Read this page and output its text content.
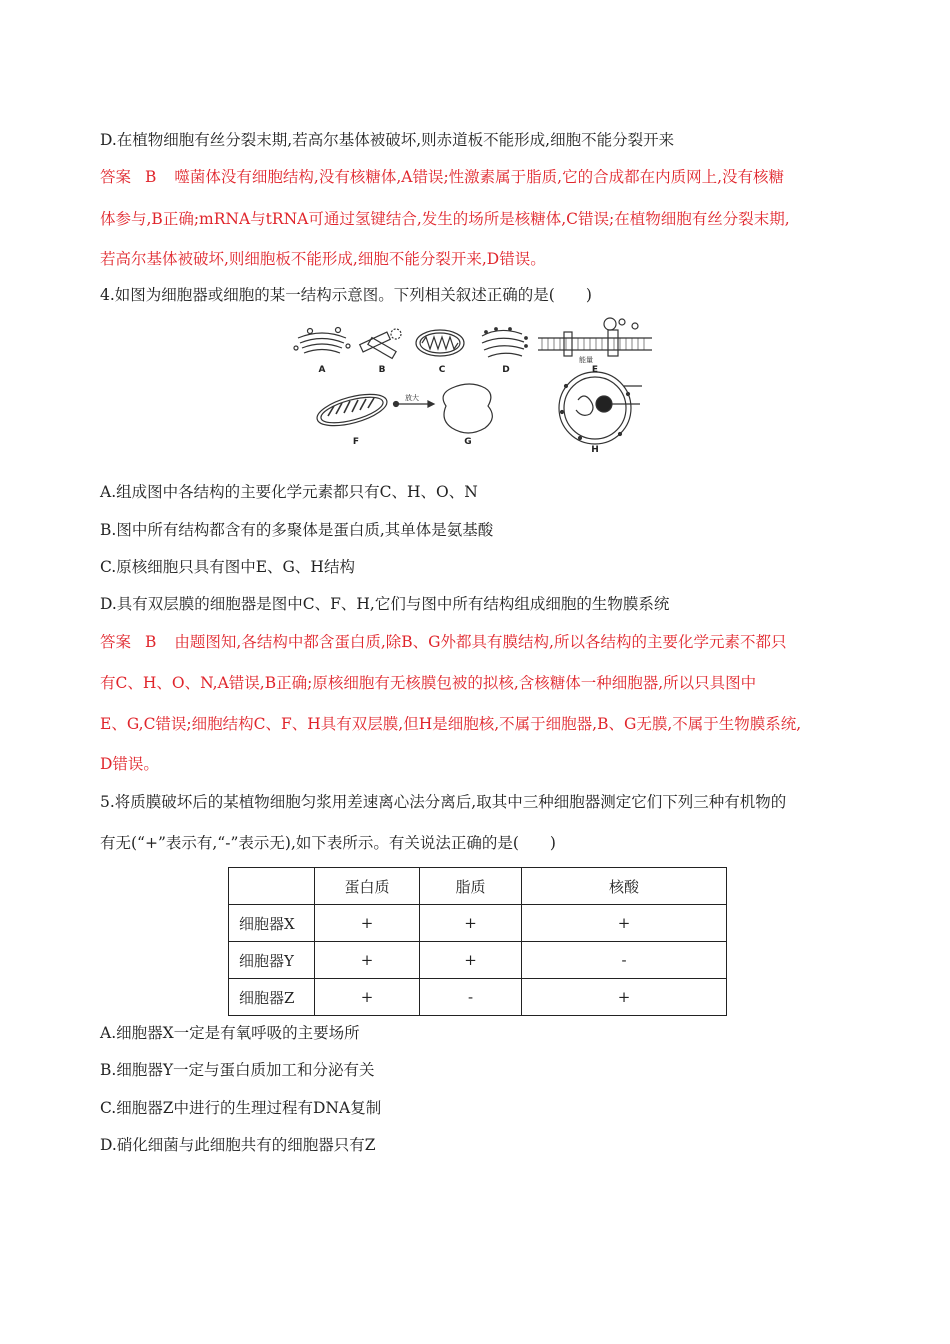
D.在植物细胞有丝分裂末期,若高尔基体被破坏,则赤道板不能形成,细胞不能分裂开来
答案 B 噬菌体没有细胞结构,没有核糖体,A错误;性激素属于脂质,它的合成都在内质网上,没有核糖
体参与,B正确;mRNA与tRNA可通过氢键结合,发生的场所是核糖体,C错误;在植物细胞有丝分裂末期,
若高尔基体被破坏,则细胞板不能形成,细胞不能分裂开来,D错误。
4.如图为细胞器或细胞的某一结构示意图。下列相关叙述正确的是(　　)
A	B	C	D	E
F	G
H
放大
能量
A.组成图中各结构的主要化学元素都只有C、H、O、N
B.图中所有结构都含有的多聚体是蛋白质,其单体是氨基酸
C.原核细胞只具有图中E、G、H结构
D.具有双层膜的细胞器是图中C、F、H,它们与图中所有结构组成细胞的生物膜系统
答案 B 由题图知,各结构中都含蛋白质,除B、G外都具有膜结构,所以各结构的主要化学元素不都只
有C、H、O、N,A错误,B正确;原核细胞有无核膜包被的拟核,含核糖体一种细胞器,所以只具图中
E、G,C错误;细胞结构C、F、H具有双层膜,但H是细胞核,不属于细胞器,B、G无膜,不属于生物膜系统,
D错误。
5.将质膜破坏后的某植物细胞匀浆用差速离心法分离后,取其中三种细胞器测定它们下列三种有机物的
有无(“+”表示有,“-”表示无),如下表所示。有关说法正确的是(　　)
	蛋白质	脂质	核酸
细胞器X	+	+	+
细胞器Y	+	+	-
细胞器Z	+	-	+
A.细胞器X一定是有氧呼吸的主要场所
B.细胞器Y一定与蛋白质加工和分泌有关
C.细胞器Z中进行的生理过程有DNA复制
D.硝化细菌与此细胞共有的细胞器只有Z
